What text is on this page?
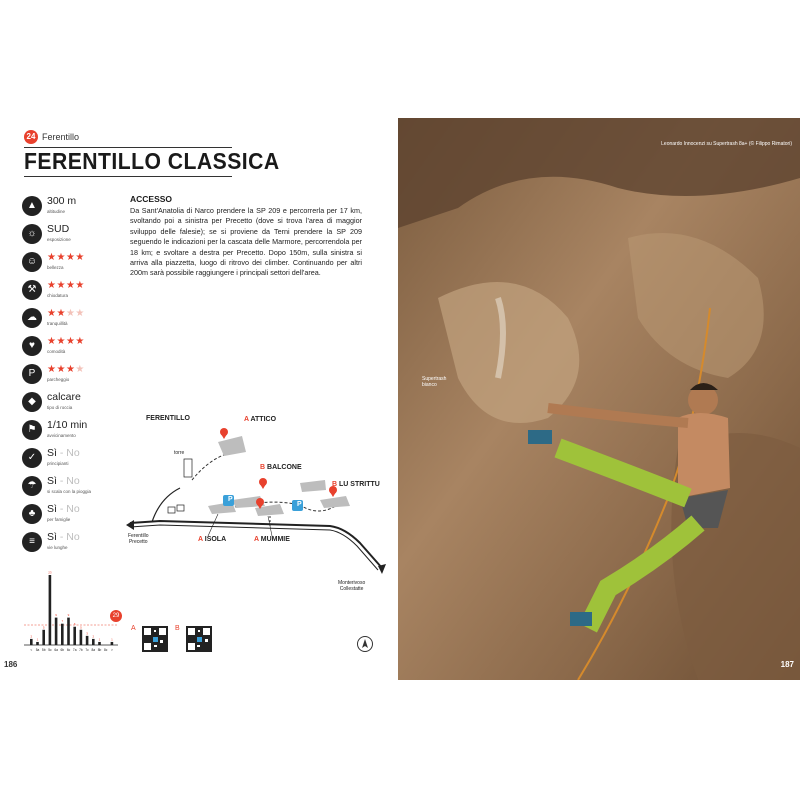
24 Ferentillo
FERENTILLO CLASSICA
▲ 300 m
altitudine
☼ SUD
esposizione
☺ ★★★★
bellezza
⚒	★★★★
chiodatura
☁	★★★★
tranquillità
♥	★★★★
comodità
P	★★★★
parcheggio
◆	calcare
tipo di roccia
⚑	1/10 min
avvicinamento
✓	Sì - No
principianti
☂	Sì - No
si scala con la pioggia
♣	Sì - No
per famiglie
≡	Sì - No
vie lunghe
ACCESSO
Da Sant'Anatolia di Narco prendere la SP 209 e percorrerla per 17 km, svoltando poi a sinistra per Precetto (dove si trova l'area di maggior sviluppo delle falesie); se si proviene da Terni prendere la SP 209 seguendo le indicazioni per la cascata delle Marmore, percorrendola per 18 km; e svoltare a destra per Precetto. Dopo 150m, sulla sinistra si arriva alla piazzetta, luogo di ritrovo dei climber. Continuando per altri 200m sarà possibile raggiungere i principali settori dell'area.
FERENTILLO	A ATTICO
B BALCONE
B LU STRITTU
A ISOLA	A MUMMIE
torre
P
P
Ferentillo
Precetto
Monterivoso
Collestatte
2
<
1
5a
5
5b
23
5c
9
6a
7
6b
9
6c
6
7a
5
7b
3
7c
2
8a
1
8b 8c
1
>
29
A	B
186
Leonardo Innocenzi su Supertrash 8a+ (© Filippo Rimatori)
Supertrash
bianco
187
